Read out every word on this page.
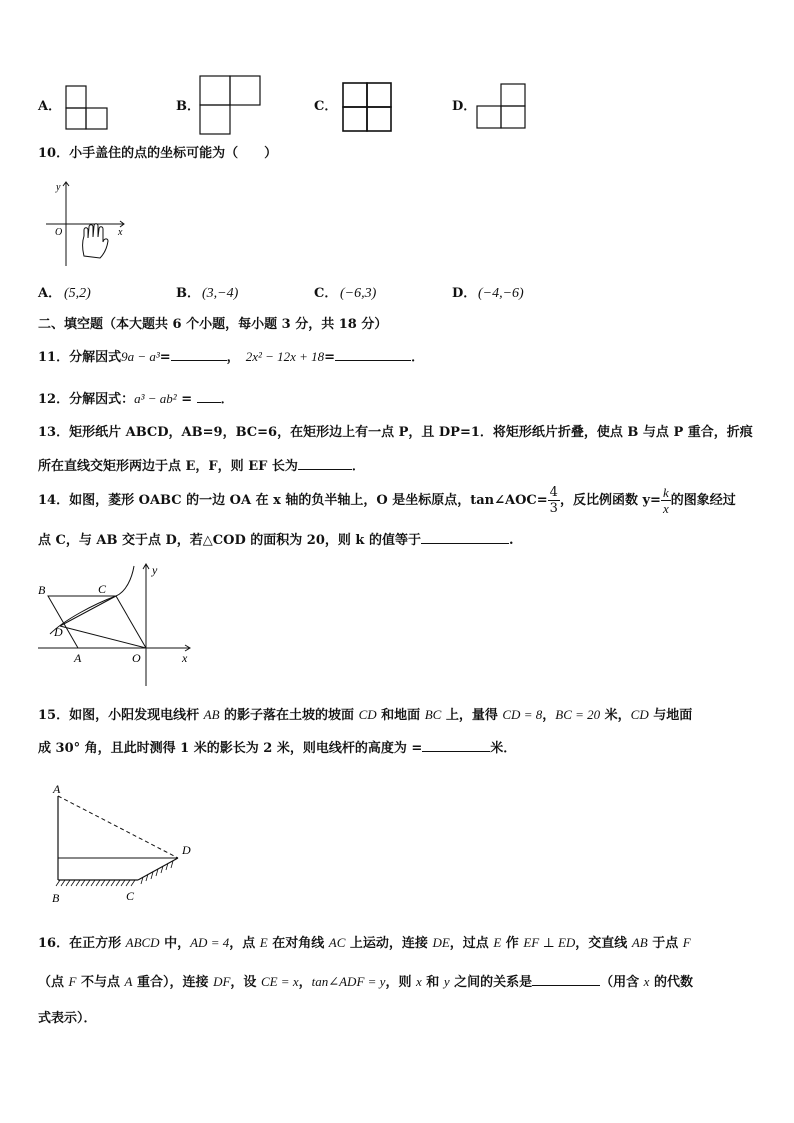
A．	B．	C．	D．
10．小手盖住的点的坐标可能为（　　）
y
x
O
A． (5,2)	B． (3,−4)	C． (−6,3)	D． (−4,−6)
二、填空题（本大题共 6 个小题，每小题 3 分，共 18 分）
11．分解因式9a − a³=	， 2x² − 12x + 18=	．
12．分解因式：a³ − ab² = ．
13．矩形纸片 ABCD，AB=9，BC=6，在矩形边上有一点 P，且 DP=1．将矩形纸片折叠，使点 B 与点 P 重合，折痕
所在直线交矩形两边于点 E，F，则 EF 长为	．
14．如图，菱形 OABC 的一边 OA 在 x 轴的负半轴上，O 是坐标原点，tan∠AOC= $\frac{4}{3}$ ，反比例函数 $y= \frac{k}{x}$ 的图象经过
点 C，与 AB 交于点 D，若△COD 的面积为 20，则 k 的值等于	.
B	C
D
A	O	x
y
15．如图，小阳发现电线杆 AB 的影子落在土坡的坡面 CD 和地面 BC 上，量得 CD = 8，BC = 20 米，CD 与地面
成 30° 角，且此时测得 1 米的影长为 2 米，则电线杆的高度为 =	米．
A
D
B	C
16．在正方形 ABCD 中，AD = 4，点 E 在对角线 AC 上运动，连接 DE，过点 E 作 EF ⊥ ED，交直线 AB 于点 F
（点 F 不与点 A 重合），连接 DF，设 CE = x，tan∠ADF = y，则 x 和 y 之间的关系是	（用含 x 的代数
式表示）．
